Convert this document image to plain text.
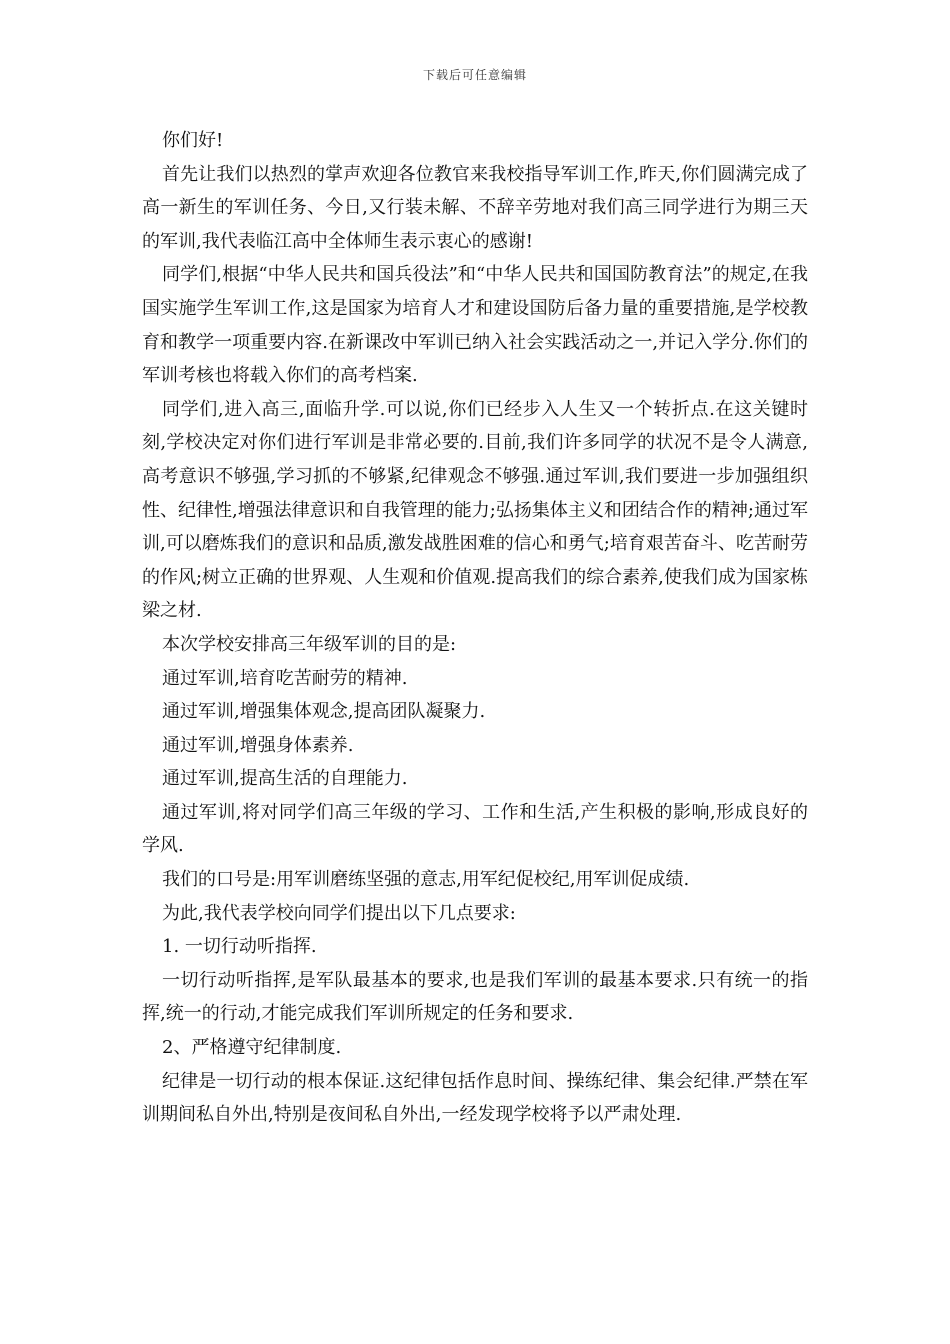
下载后可任意编辑

你们好!

首先让我们以热烈的掌声欢迎各位教官来我校指导军训工作,昨天,你们圆满完成了高一新生的军训任务、今日,又行装未解、不辞辛劳地对我们高三同学进行为期三天的军训,我代表临江高中全体师生表示衷心的感谢!

同学们,根据“中华人民共和国兵役法”和“中华人民共和国国防教育法”的规定,在我国实施学生军训工作,这是国家为培育人才和建设国防后备力量的重要措施,是学校教育和教学一项重要内容.在新课改中军训已纳入社会实践活动之一,并记入学分.你们的军训考核也将载入你们的高考档案.

同学们,进入高三,面临升学.可以说,你们已经步入人生又一个转折点.在这关键时刻,学校决定对你们进行军训是非常必要的.目前,我们许多同学的状况不是令人满意,高考意识不够强,学习抓的不够紧,纪律观念不够强.通过军训,我们要进一步加强组织性、纪律性,增强法律意识和自我管理的能力;弘扬集体主义和团结合作的精神;通过军训,可以磨炼我们的意识和品质,激发战胜困难的信心和勇气;培育艰苦奋斗、吃苦耐劳的作风;树立正确的世界观、人生观和价值观.提高我们的综合素养,使我们成为国家栋梁之材.

本次学校安排高三年级军训的目的是:

通过军训,培育吃苦耐劳的精神.

通过军训,增强集体观念,提高团队凝聚力.

通过军训,增强身体素养.

通过军训,提高生活的自理能力.

通过军训,将对同学们高三年级的学习、工作和生活,产生积极的影响,形成良好的学风.

我们的口号是:用军训磨练坚强的意志,用军纪促校纪,用军训促成绩.

为此,我代表学校向同学们提出以下几点要求:

1. 一切行动听指挥.

一切行动听指挥,是军队最基本的要求,也是我们军训的最基本要求.只有统一的指挥,统一的行动,才能完成我们军训所规定的任务和要求.

2、严格遵守纪律制度.

纪律是一切行动的根本保证.这纪律包括作息时间、操练纪律、集会纪律.严禁在军训期间私自外出,特别是夜间私自外出,一经发现学校将予以严肃处理.
